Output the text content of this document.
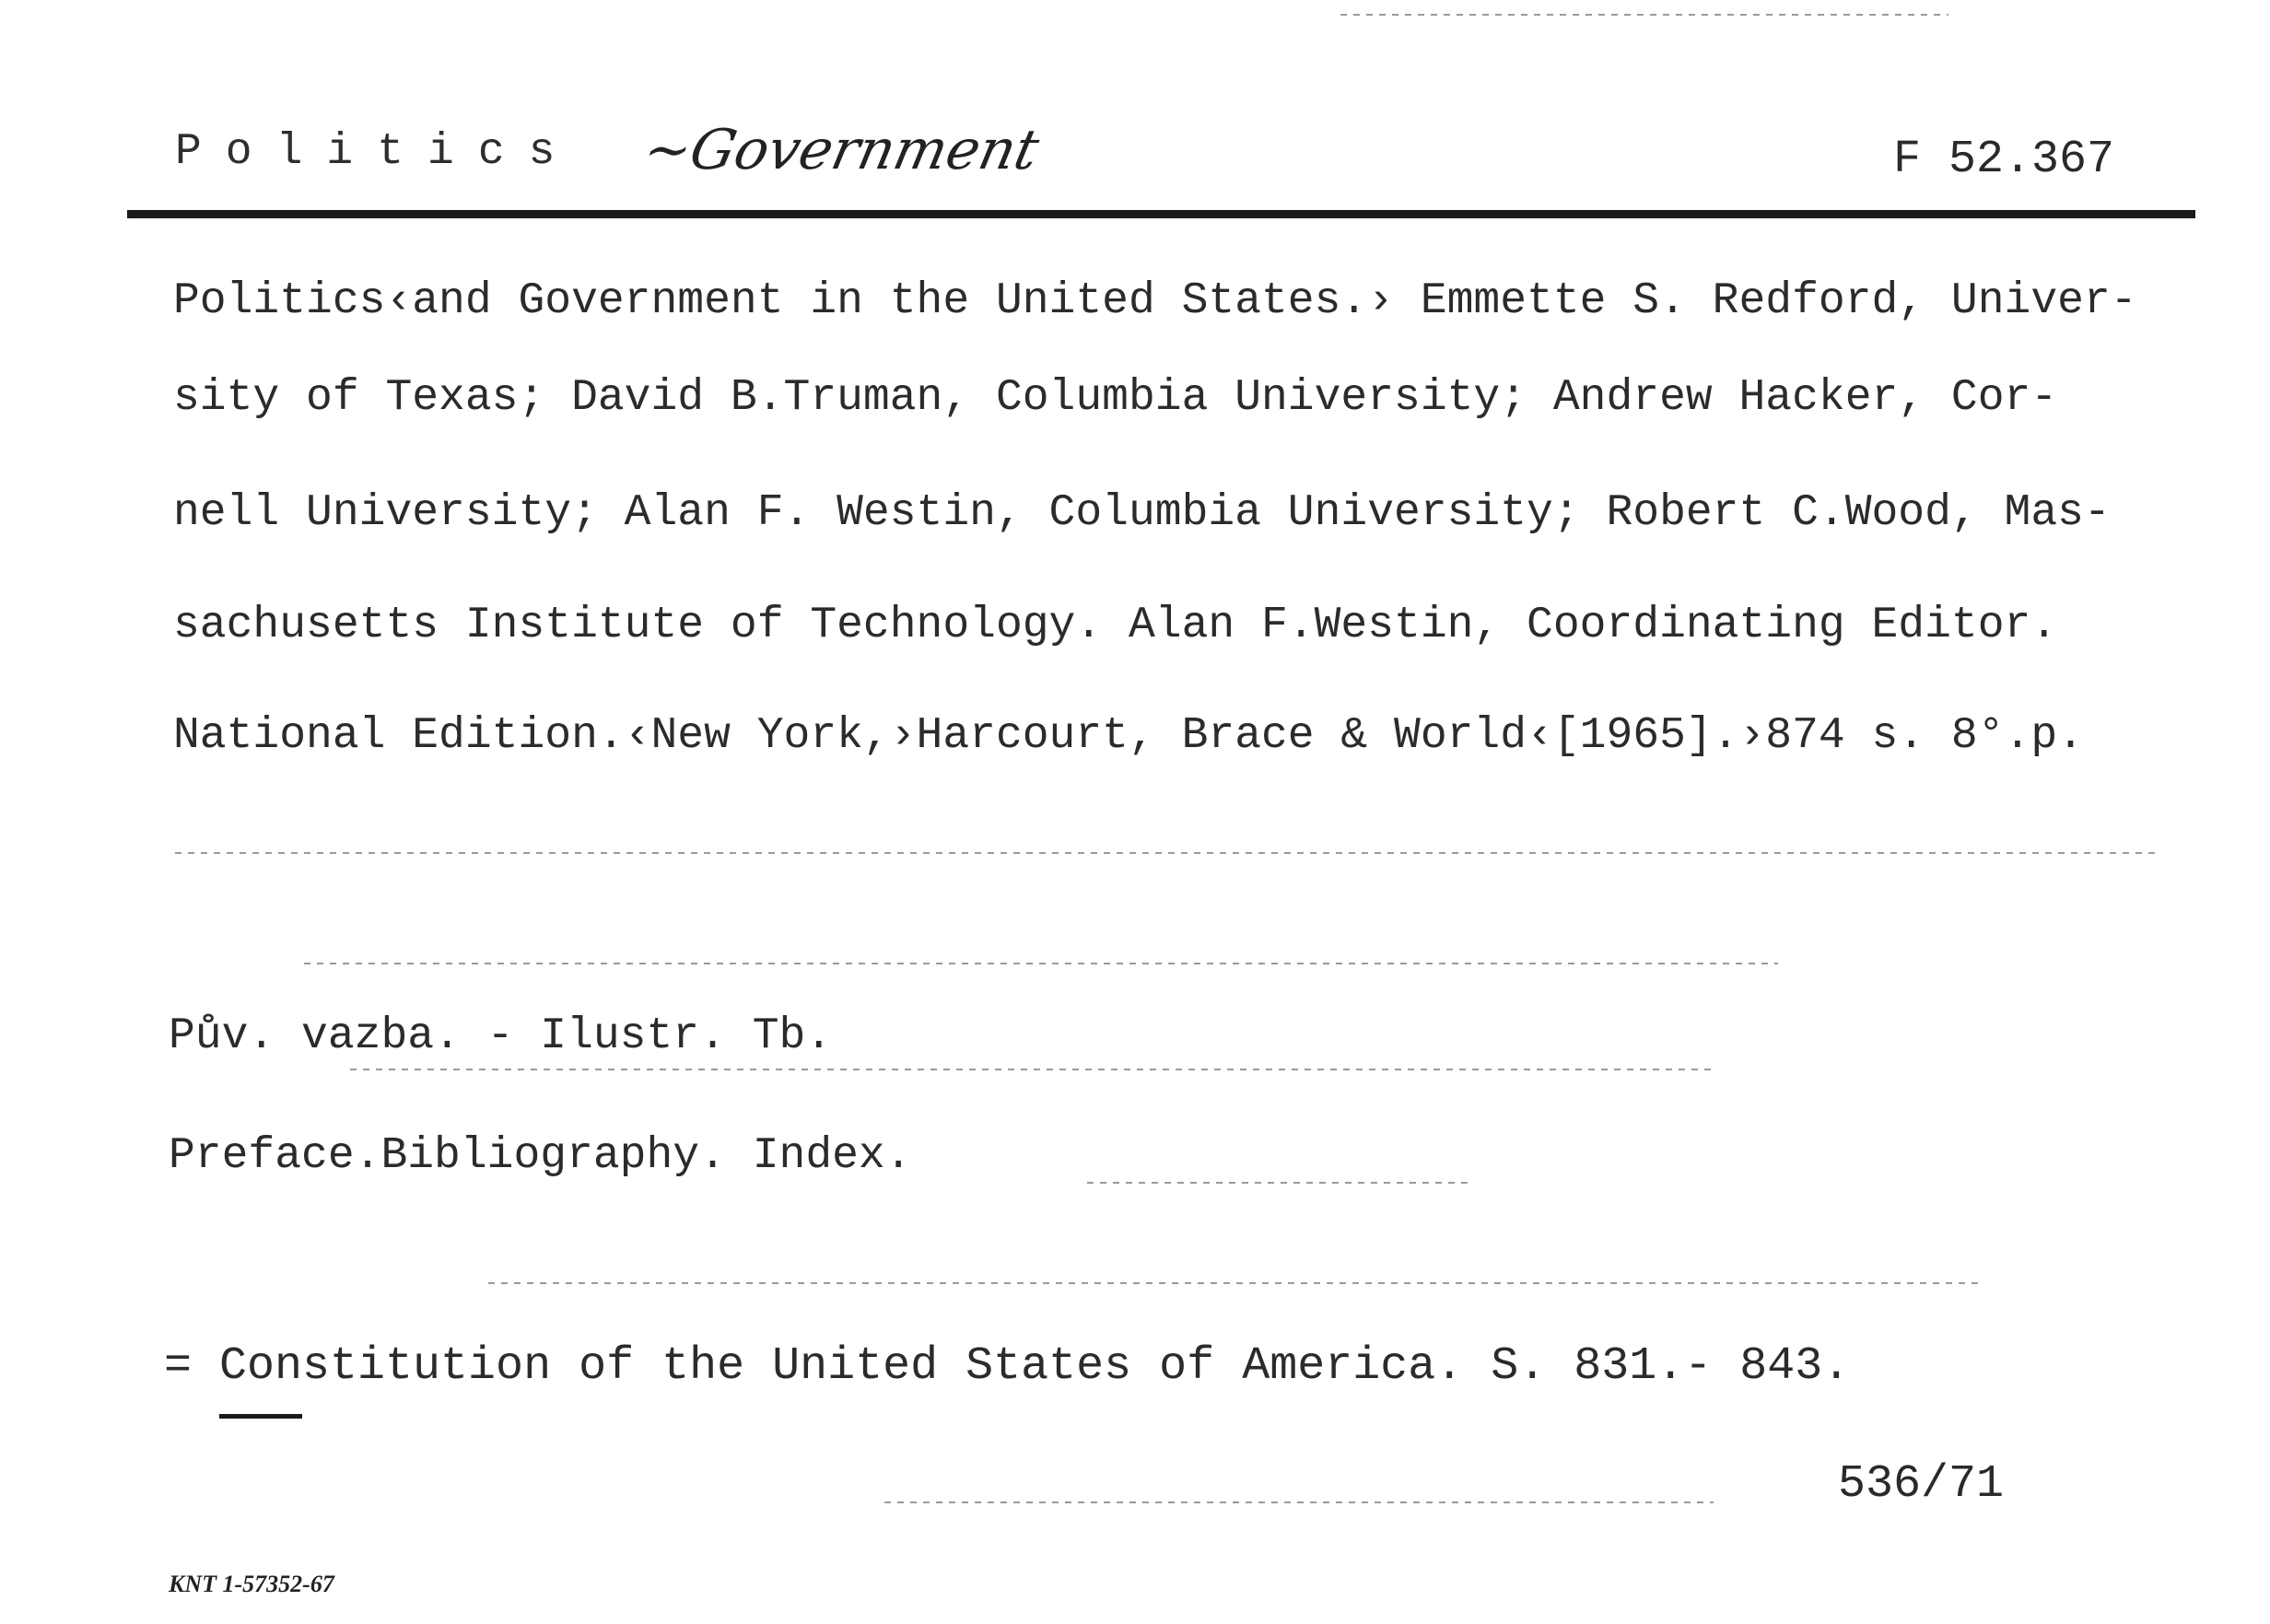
Politics ~Government	F 52.367
Politics‹and Government in the United States.› Emmette S. Redford, Univer-
sity of Texas; David B.Truman, Columbia University; Andrew Hacker, Cor-
nell University; Alan F. Westin, Columbia University; Robert C.Wood, Mas-
sachusetts Institute of Technology. Alan F.Westin, Coordinating Editor.
National Edition.‹New York,›Harcourt, Brace & World‹[1965].›874 s. 8°.p.
Pův. vazba. - Ilustr. Tb.
Preface.Bibliography. Index.
= Constitution of the United States of America. S. 831.- 843.
536/71
KNT 1-57352-67
